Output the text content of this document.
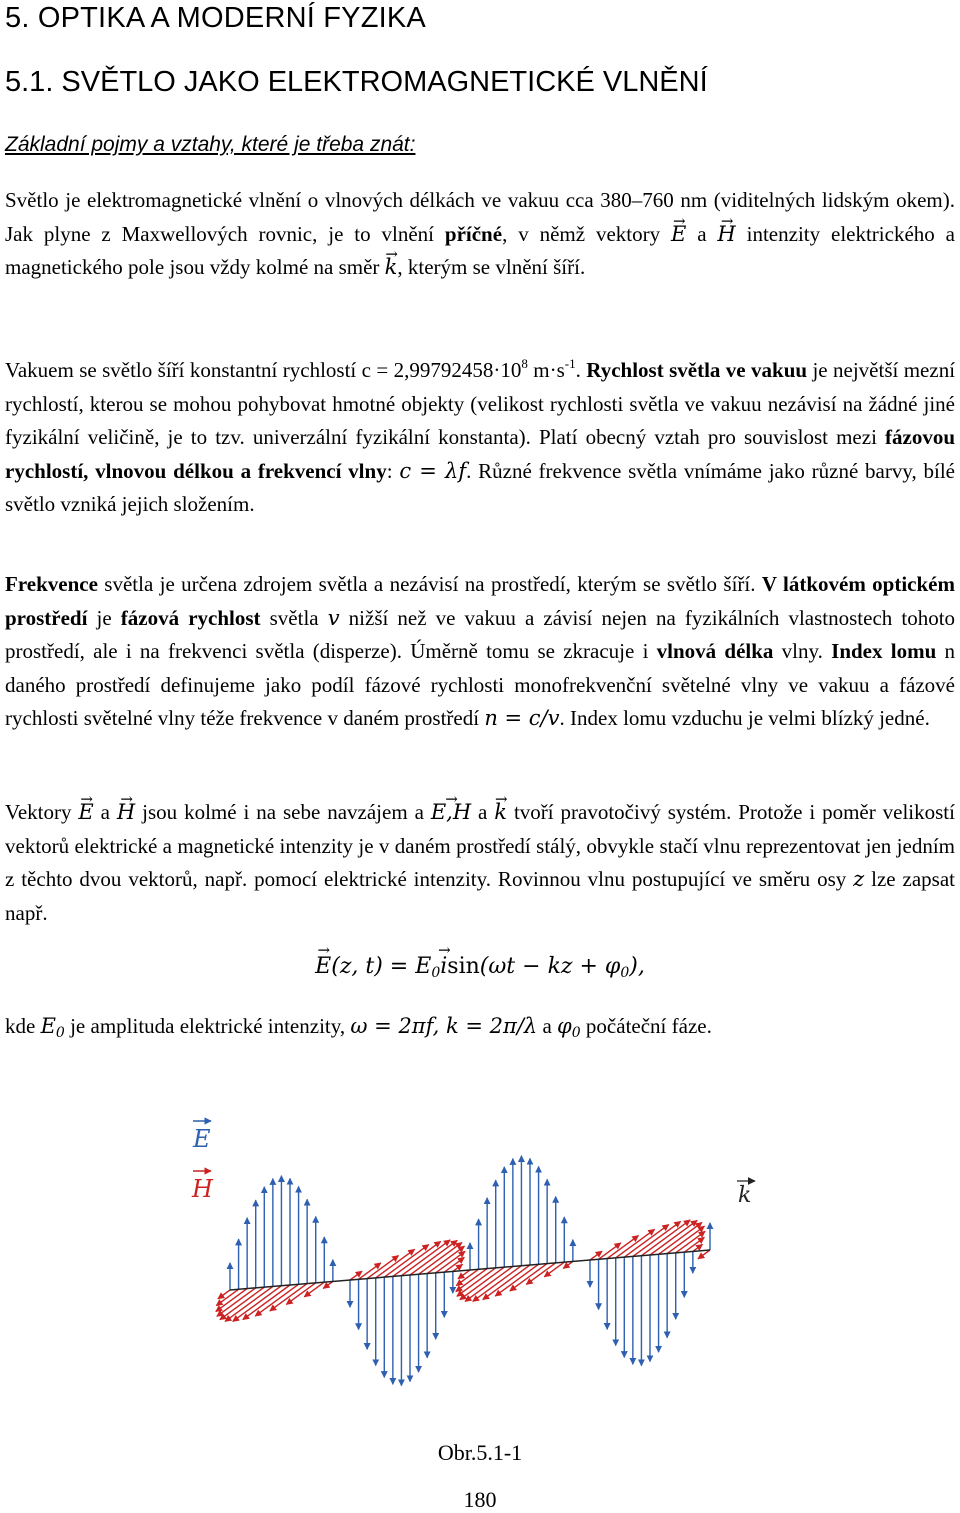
5. OPTIKA A MODERNÍ FYZIKA
5.1. SVĚTLO JAKO ELEKTROMAGNETICKÉ VLNĚNÍ
Základní pojmy a vztahy, které je třeba znát:

Světlo je elektromagnetické vlnění o vlnových délkách ve vakuu cca 380–760 nm (viditelných lidským okem). Jak plyne z Maxwellových rovnic, je to vlnění příčné, v němž vektory → E a → H intenzity elektrického a magnetického pole jsou vždy kolmé na směr → k, kterým se vlnění šíří.

Vakuem se světlo šíří konstantní rychlostí $c = 2,99792458\cdot 10^8$ $m\cdot s^{-1}$. Rychlost světla ve vakuu je největší mezní rychlostí, kterou se mohou pohybovat hmotné objekty (velikost rychlosti světla ve vakuu nezávisí na žádné jiné fyzikální veličině, je to tzv. univerzální fyzikální konstanta). Platí obecný vztah pro souvislost mezi fázovou rychlostí, vlnovou délkou a frekvencí vlny: c = λf. Různé frekvence světla vnímáme jako různé barvy, bílé světlo vzniká jejich složením.

Frekvence světla je určena zdrojem světla a nezávisí na prostředí, kterým se světlo šíří. V látkovém optickém prostředí je fázová rychlost světla v nižší než ve vakuu a závisí nejen na fyzikálních vlastnostech tohoto prostředí, ale i na frekvenci světla (disperze). Úměrně tomu se zkracuje i vlnová délka vlny. Index lomu n daného prostředí definujeme jako podíl fázové rychlosti monofrekvenční světelné vlny ve vakuu a fázové rychlosti světelné vlny téže frekvence v daném prostředí n = c/v. Index lomu vzduchu je velmi blízký jedné.

Vektory → E a → H jsou kolmé i na sebe navzájem a → E,H a → k tvoří pravotočivý systém. Protože i poměr velikostí vektorů elektrické a magnetické intenzity je v daném prostředí stálý, obvykle stačí vlnu reprezentovat jen jedním z těchto dvou vektorů, např. pomocí elektrické intenzity. Rovinnou vlnu postupující ve směru osy z lze zapsat např.

→ E(z, $t) = E_0\to isin(\omega t$ − kz + $\varphi_0$),

kde $E_0$ je amplituda elektrické intenzity, ω = 2πf, k = 2π/λ a $\varphi_0$ počáteční fáze.

E
H	k

Obr.5.1-1

180
